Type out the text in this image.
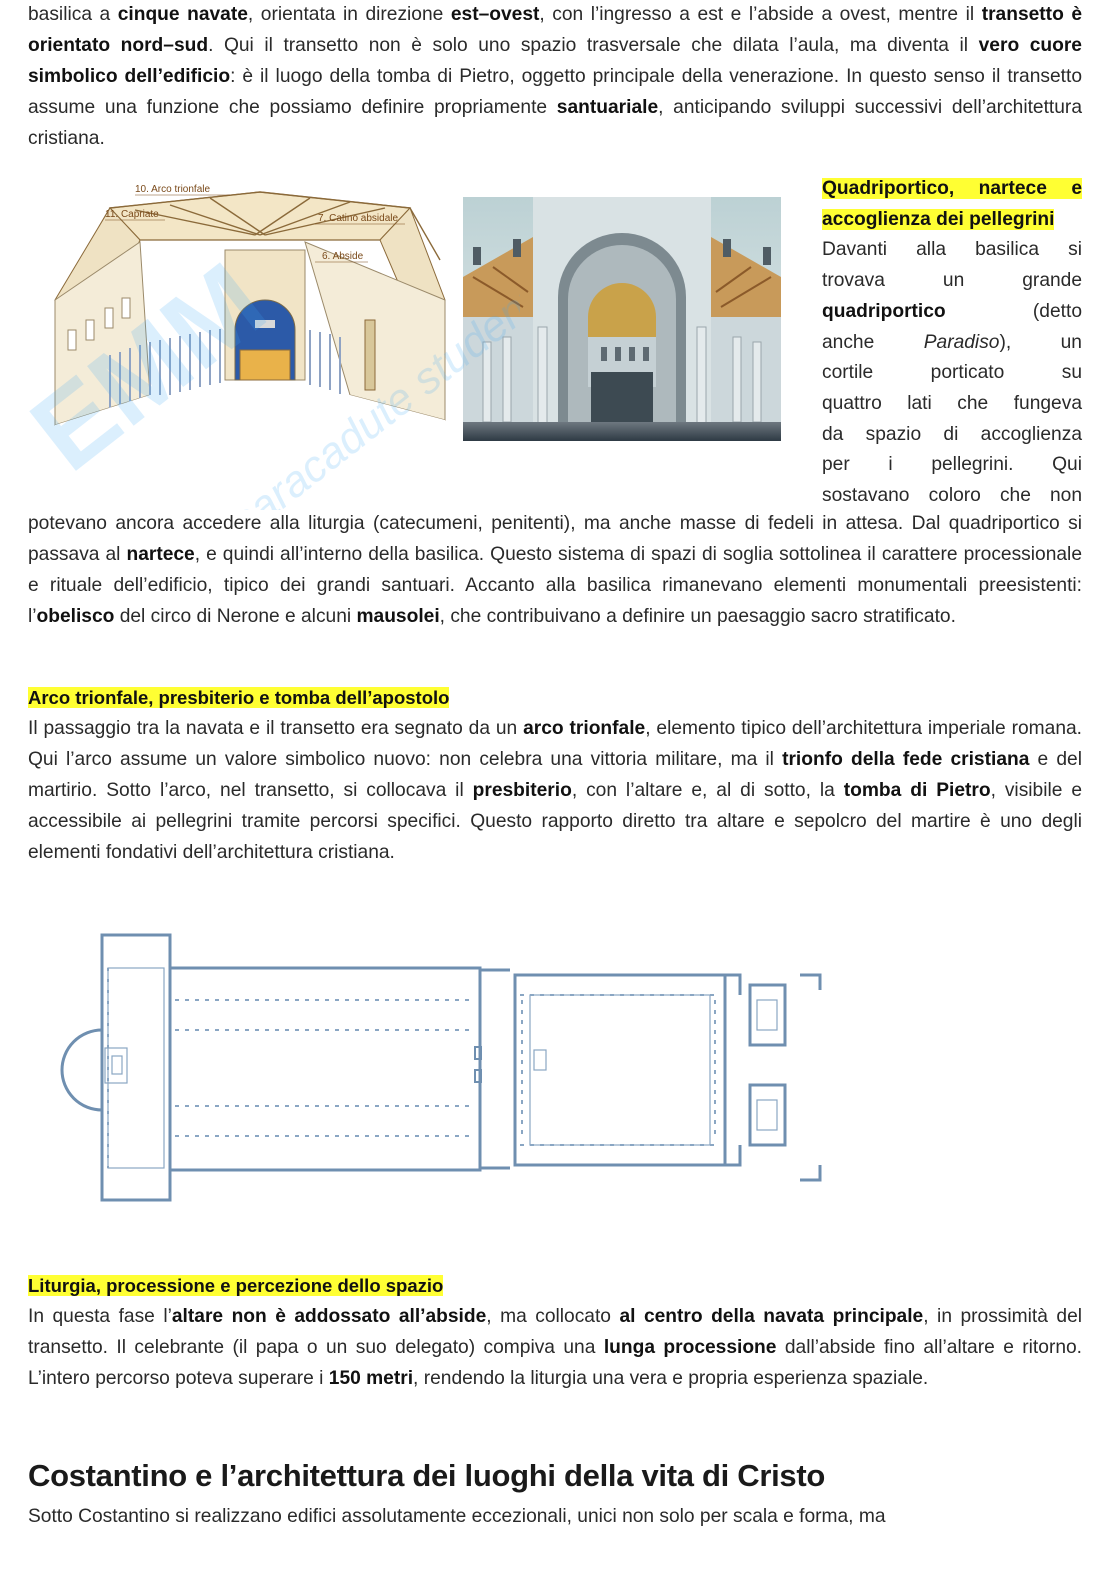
basilica a cinque navate, orientata in direzione est–ovest, con l’ingresso a est e l’abside a ovest, mentre il transetto è orientato nord–sud. Qui il transetto non è solo uno spazio trasversale che dilata l’aula, ma diventa il vero cuore simbolico dell’edificio: è il luogo della tomba di Pietro, oggetto principale della venerazione. In questo senso il transetto assume una funzione che possiamo definire propriamente santuariale, anticipando sviluppi successivi dell’architettura cristiana.

10. Arco trionfale
11. Capriate	7. Catino absidale
6. Abside
EMM
paracadute studente
Quadriportico, nartece e
accoglienza dei pellegrini
Davanti alla basilica si
trovava un grande
quadriportico	(detto
anche	Paradiso), un
cortile porticato su
quattro lati che fungeva
da spazio di accoglienza
per i pellegrini. Qui
sostavano coloro che non

potevano ancora accedere alla liturgia (catecumeni, penitenti), ma anche masse di fedeli in attesa. Dal quadriportico si passava al nartece, e quindi all’interno della basilica. Questo sistema di spazi di soglia sottolinea il carattere processionale e rituale dell’edificio, tipico dei grandi santuari. Accanto alla basilica rimanevano elementi monumentali preesistenti: l’obelisco del circo di Nerone e alcuni mausolei, che contribuivano a definire un paesaggio sacro stratificato.

Arco trionfale, presbiterio e tomba dell’apostolo

Il passaggio tra la navata e il transetto era segnato da un arco trionfale, elemento tipico dell’architettura imperiale romana. Qui l’arco assume un valore simbolico nuovo: non celebra una vittoria militare, ma il trionfo della fede cristiana e del martirio. Sotto l’arco, nel transetto, si collocava il presbiterio, con l’altare e, al di sotto, la tomba di Pietro, visibile e accessibile ai pellegrini tramite percorsi specifici. Questo rapporto diretto tra altare e sepolcro del martire è uno degli elementi fondativi dell’architettura cristiana.

Liturgia, processione e percezione dello spazio

In questa fase l’altare non è addossato all’abside, ma collocato al centro della navata principale, in prossimità del transetto. Il celebrante (il papa o un suo delegato) compiva una lunga processione dall’abside fino all’altare e ritorno. L’intero percorso poteva superare i 150 metri, rendendo la liturgia una vera e propria esperienza spaziale.

Costantino e l’architettura dei luoghi della vita di Cristo

Sotto Costantino si realizzano edifici assolutamente eccezionali, unici non solo per scala e forma, ma
